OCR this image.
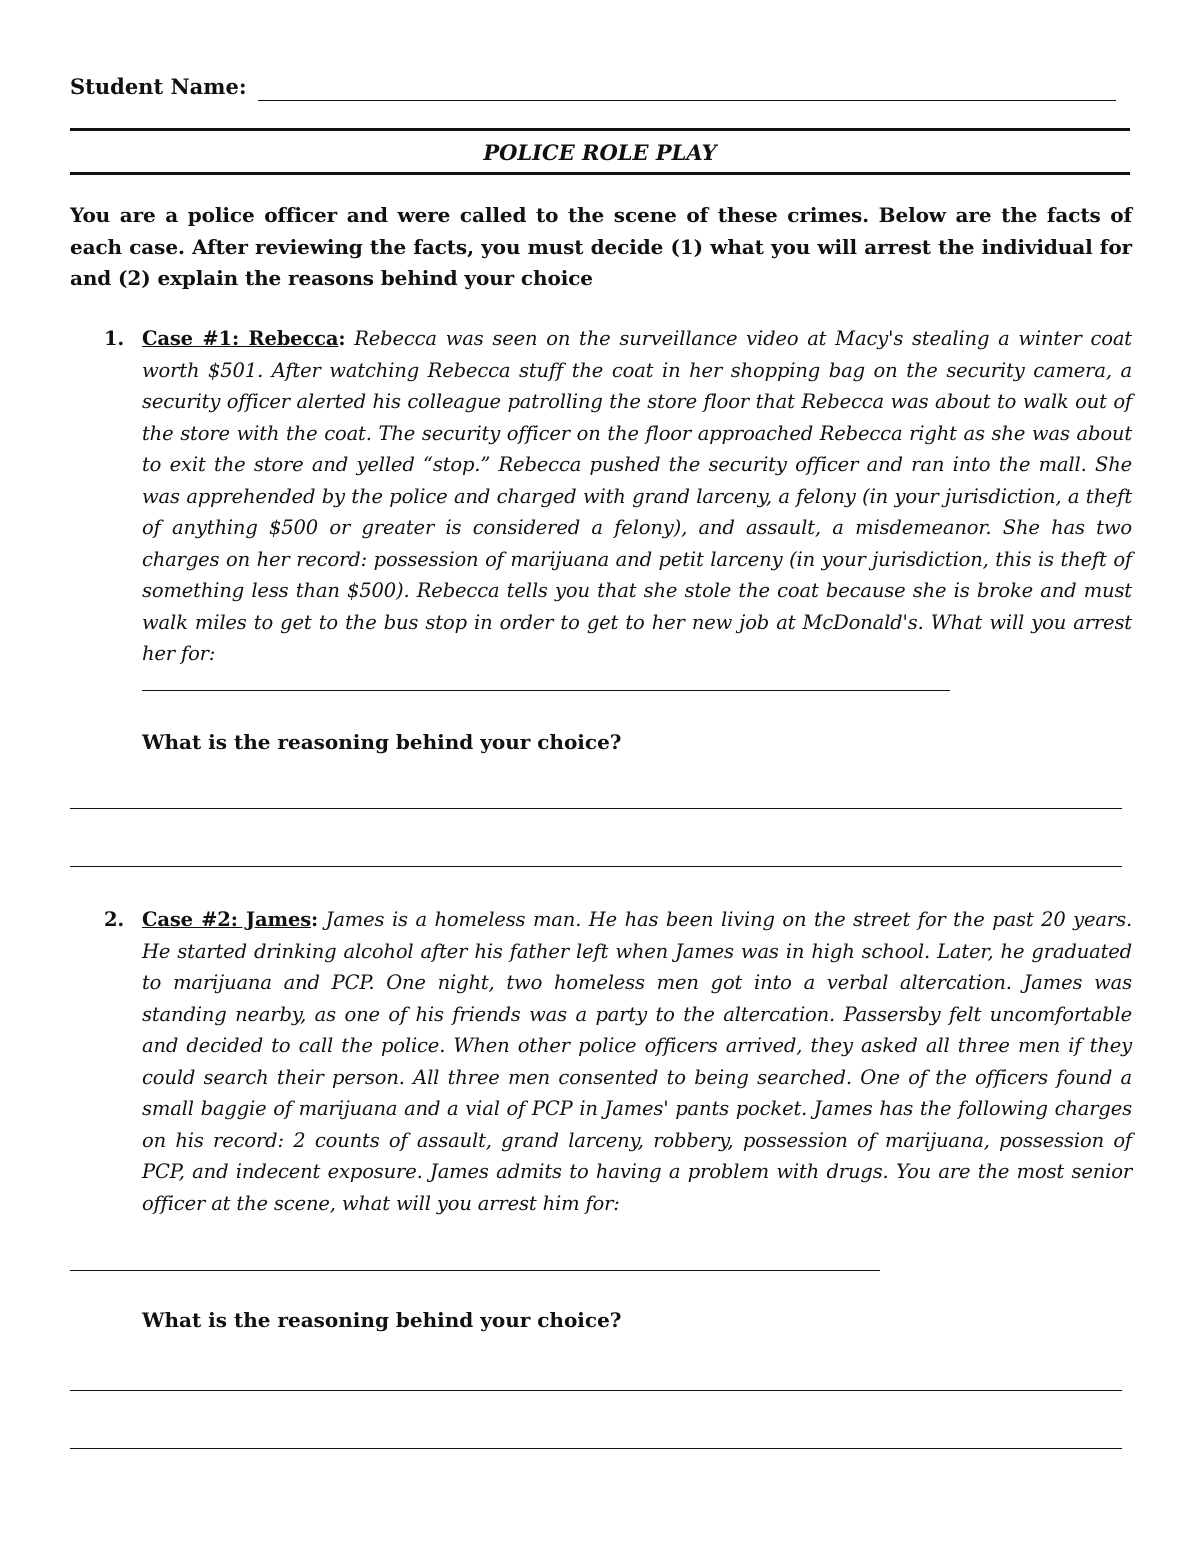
Student Name:
POLICE ROLE PLAY
You are a police officer and were called to the scene of these crimes. Below are the facts of each case. After reviewing the facts, you must decide (1) what you will arrest the individual for and (2) explain the reasons behind your choice
1. Case #1: Rebecca: Rebecca was seen on the surveillance video at Macy's stealing a winter coat worth $501. After watching Rebecca stuff the coat in her shopping bag on the security camera, a security officer alerted his colleague patrolling the store floor that Rebecca was about to walk out of the store with the coat. The security officer on the floor approached Rebecca right as she was about to exit the store and yelled “stop.” Rebecca pushed the security officer and ran into the mall. She was apprehended by the police and charged with grand larceny, a felony (in your jurisdiction, a theft of anything $500 or greater is considered a felony), and assault, a misdemeanor. She has two charges on her record: possession of marijuana and petit larceny (in your jurisdiction, this is theft of something less than $500). Rebecca tells you that she stole the coat because she is broke and must walk miles to get to the bus stop in order to get to her new job at McDonald's. What will you arrest her for:
What is the reasoning behind your choice?
2. Case #2: James: James is a homeless man. He has been living on the street for the past 20 years. He started drinking alcohol after his father left when James was in high school. Later, he graduated to marijuana and PCP. One night, two homeless men got into a verbal altercation. James was standing nearby, as one of his friends was a party to the altercation. Passersby felt uncomfortable and decided to call the police. When other police officers arrived, they asked all three men if they could search their person. All three men consented to being searched. One of the officers found a small baggie of marijuana and a vial of PCP in James' pants pocket. James has the following charges on his record: 2 counts of assault, grand larceny, robbery, possession of marijuana, possession of PCP, and indecent exposure. James admits to having a problem with drugs. You are the most senior officer at the scene, what will you arrest him for:
What is the reasoning behind your choice?
